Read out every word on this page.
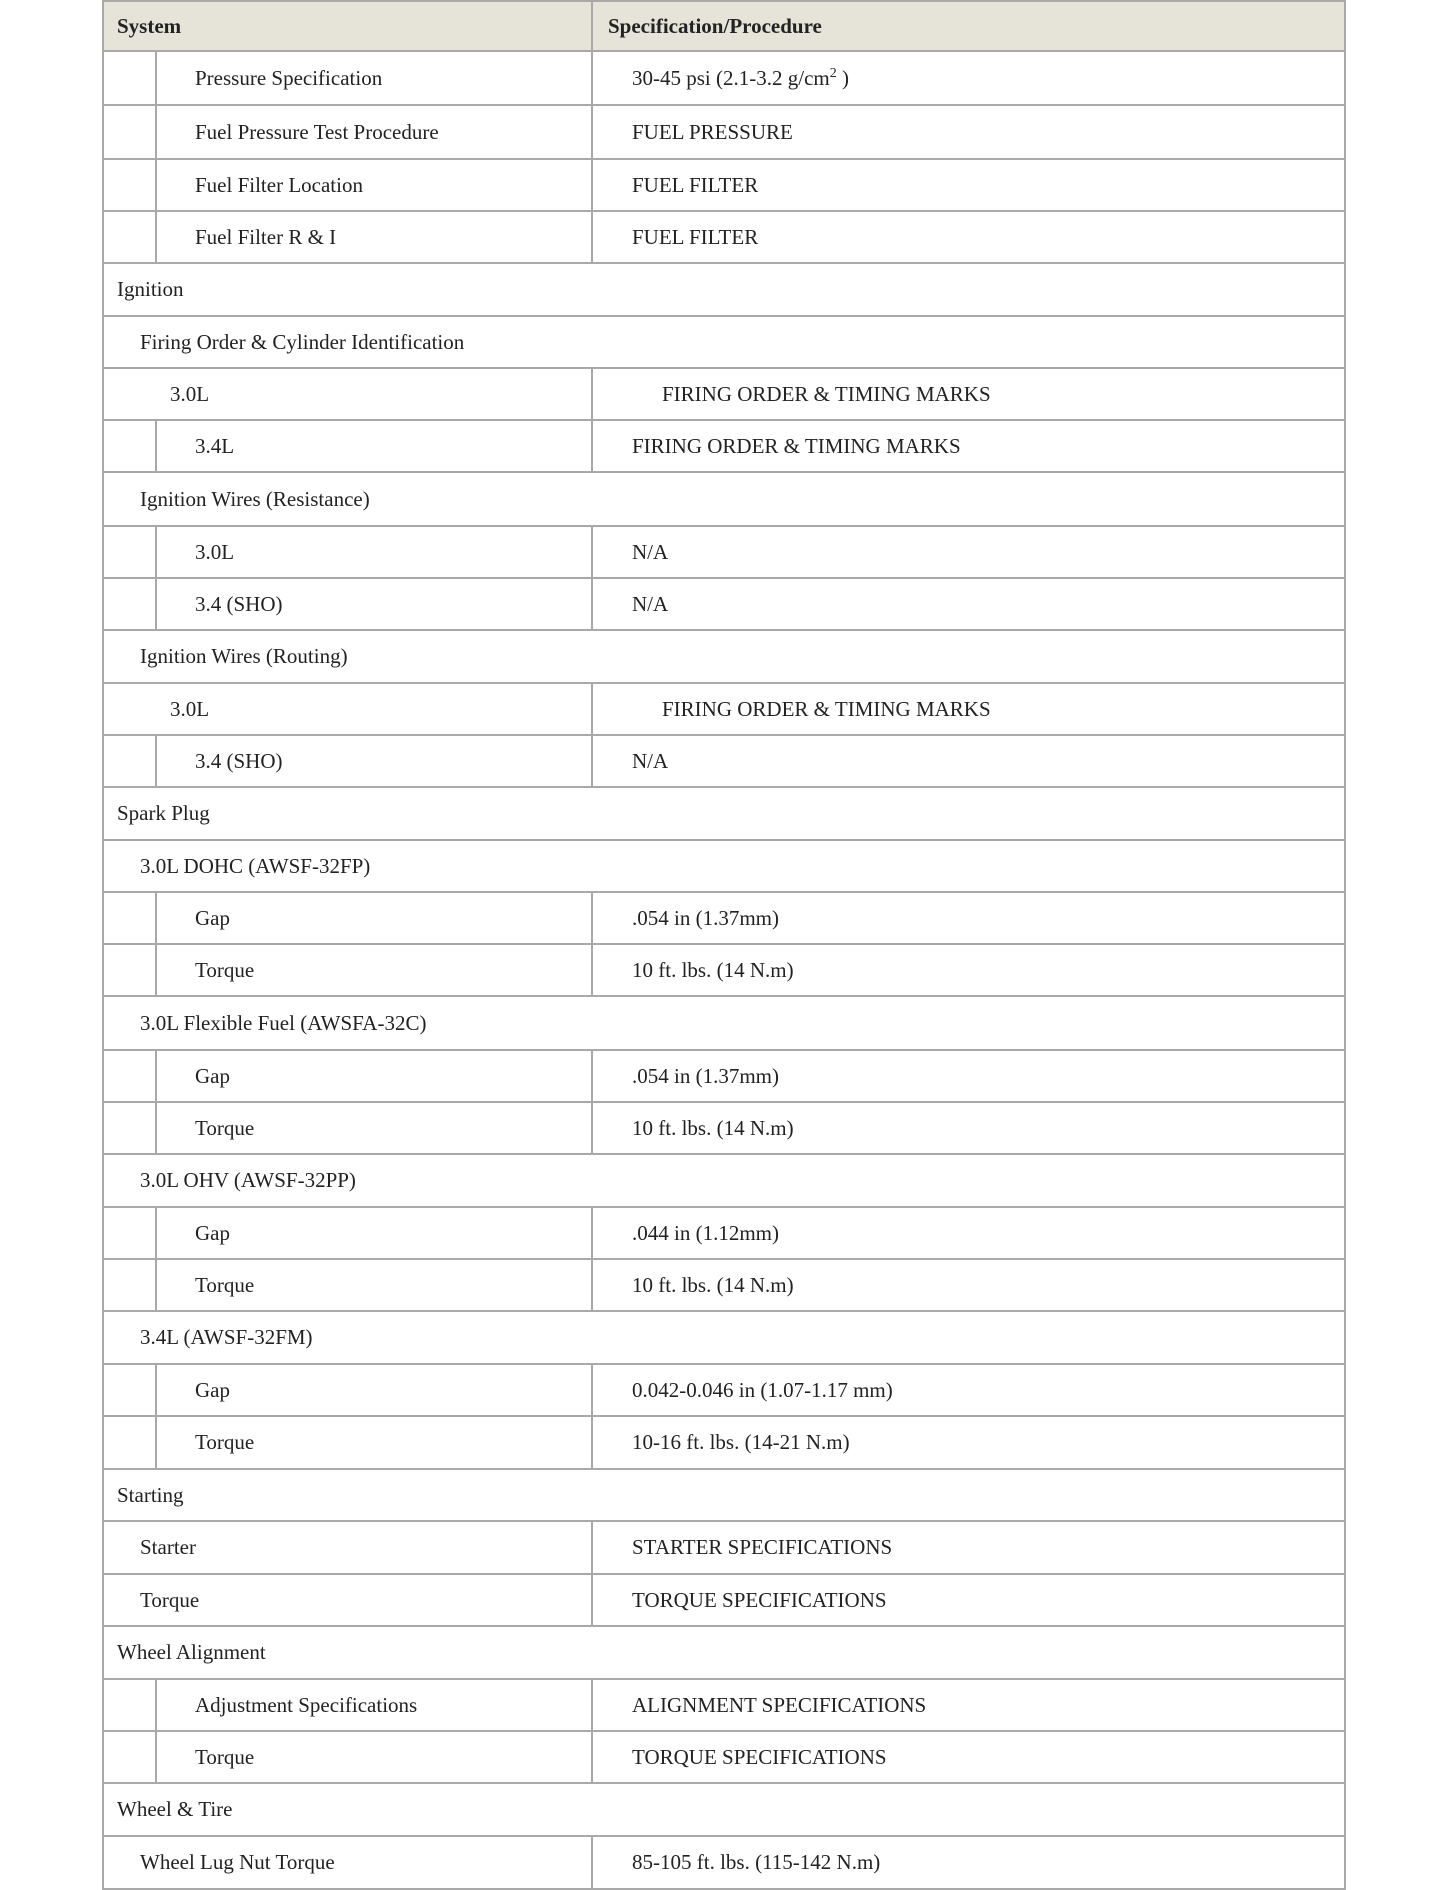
System	Specification/Procedure

Pressure Specification	30-45 psi (2.1-3.2 $g/cm^2$ )

Fuel Pressure Test Procedure	FUEL PRESSURE

Fuel Filter Location	FUEL FILTER

Fuel Filter R & I	FUEL FILTER
Ignition	
Firing Order & Cylinder Identification	
3.0L	FIRING ORDER & TIMING MARKS

3.4L	FIRING ORDER & TIMING MARKS
Ignition Wires (Resistance)	

3.0L	N/A

3.4 (SHO)	N/A
Ignition Wires (Routing)	
3.0L	FIRING ORDER & TIMING MARKS

3.4 (SHO)	N/A
Spark Plug	
3.0L DOHC (AWSF-32FP)	

Gap	.054 in (1.37mm)

Torque	10 ft. lbs. (14 N.m)
3.0L Flexible Fuel (AWSFA-32C)	

Gap	.054 in (1.37mm)

Torque	10 ft. lbs. (14 N.m)
3.0L OHV (AWSF-32PP)	

Gap	.044 in (1.12mm)

Torque	10 ft. lbs. (14 N.m)
3.4L (AWSF-32FM)	

Gap	0.042-0.046 in (1.07-1.17 mm)

Torque	10-16 ft. lbs. (14-21 N.m)
Starting	
Starter	STARTER SPECIFICATIONS
Torque	TORQUE SPECIFICATIONS
Wheel Alignment	

Adjustment Specifications	ALIGNMENT SPECIFICATIONS

Torque	TORQUE SPECIFICATIONS
Wheel & Tire	
Wheel Lug Nut Torque	85-105 ft. lbs. (115-142 N.m)
